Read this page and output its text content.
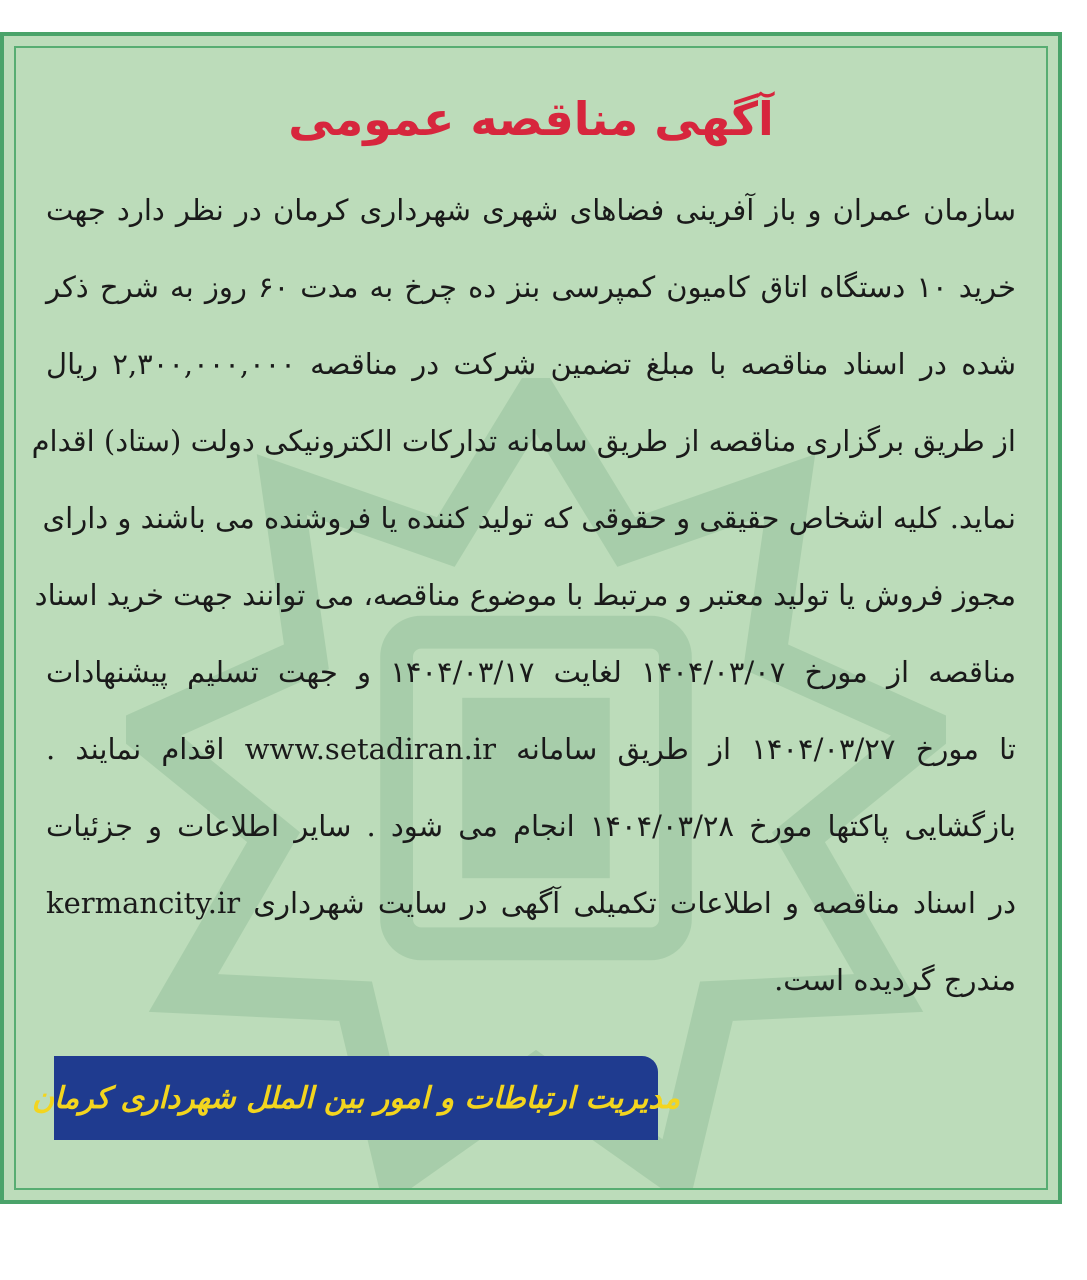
آگهی مناقصه عمومی
سازمان عمران و باز آفرینی فضاهای شهری شهرداری کرمان در نظر دارد جهت
خرید ۱۰ دستگاه اتاق کامیون کمپرسی بنز ده چرخ به مدت ۶۰ روز به شرح ذکر
شده در اسناد مناقصه با مبلغ تضمین شرکت در مناقصه ۲,۳۰۰,۰۰۰,۰۰۰ ریال
از طریق برگزاری مناقصه از طریق سامانه تدارکات الکترونیکی دولت (ستاد) اقدام
نماید. کلیه اشخاص حقیقی و حقوقی که تولید کننده یا فروشنده می باشند و دارای
مجوز فروش یا تولید معتبر و مرتبط با موضوع مناقصه، می توانند جهت خرید اسناد
مناقصه از مورخ ۱۴۰۴/۰۳/۰۷ لغایت ۱۴۰۴/۰۳/۱۷ و جهت تسلیم پیشنهادات
تا مورخ ۱۴۰۴/۰۳/۲۷ از طریق سامانه www.setadiran.ir اقدام نمایند .
بازگشایی پاکتها مورخ ۱۴۰۴/۰۳/۲۸ انجام می شود . سایر اطلاعات و جزئیات
در اسناد مناقصه و اطلاعات تکمیلی آگهی در سایت شهرداری kermancity.ir
مندرج گردیده است.
مدیریت ارتباطات و امور بین الملل شهرداری کرمان
